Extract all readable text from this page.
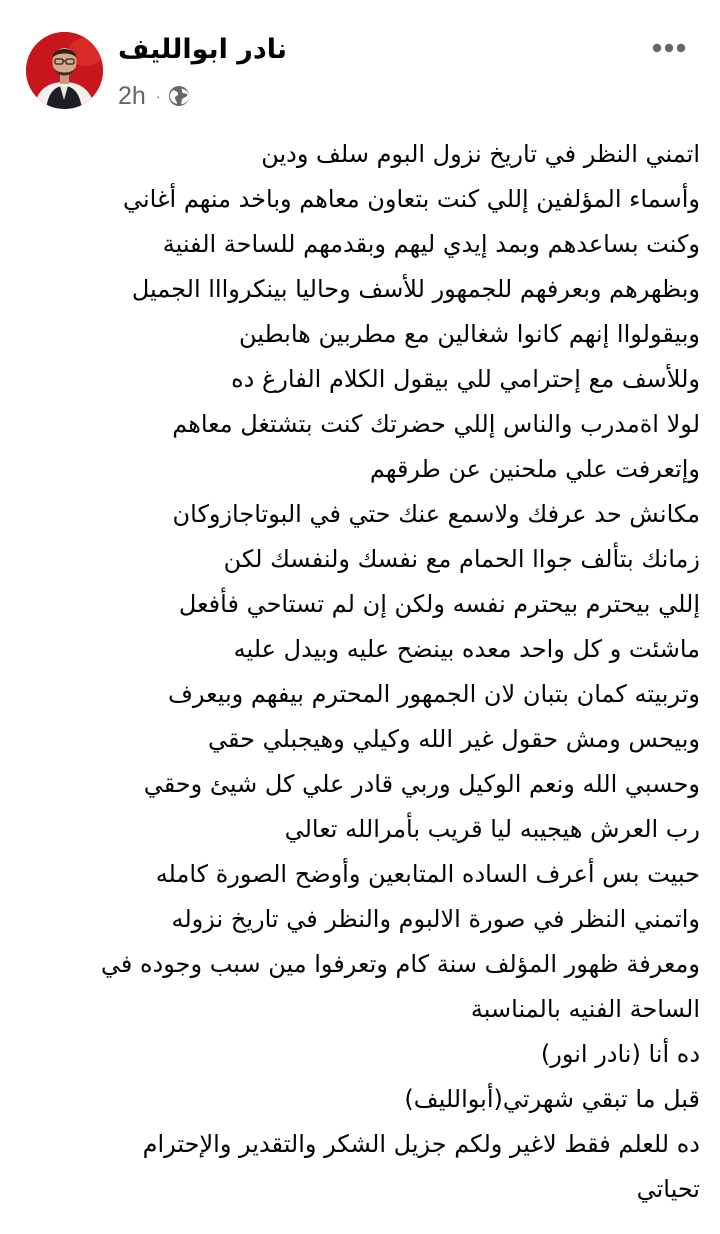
نادر ابوالليف
2h ·
اتمني النظر في تاريخ نزول البوم سلف ودين
وأسماء المؤلفين إللي كنت بتعاون معاهم وباخد منهم أغاني
وكنت بساعدهم وبمد إيدي ليهم وبقدمهم للساحة الفنية
وبظهرهم وبعرفهم للجمهور للأسف وحاليا بينكروااا الجميل
وبيقولواا إنهم كانوا شغالين مع مطربين هابطين
وللأسف مع إحترامي للي بيقول الكلام الفارغ ده
لولا اةمدرب والناس إللي حضرتك كنت بتشتغل معاهم
وإتعرفت علي ملحنين عن طرقهم
مكانش حد عرفك ولاسمع عنك حتي في البوتاجازوكان
زمانك بتألف جواا الحمام مع نفسك ولنفسك لكن
إللي بيحترم بيحترم نفسه ولكن إن لم تستاحي فأفعل
ماشئت و كل واحد معده بينضح عليه وبيدل عليه
وتربيته كمان بتبان لان الجمهور المحترم بيفهم وبيعرف
وبيحس ومش حقول غير الله وكيلي وهيجبلي حقي
وحسبي الله ونعم الوكيل وربي قادر علي كل شيئ وحقي
رب العرش هيجيبه ليا قريب بأمرالله تعالي
حبيت بس أعرف الساده المتابعين وأوضح الصورة كامله
واتمني النظر في صورة الالبوم والنظر في تاريخ نزوله
ومعرفة ظهور المؤلف سنة كام وتعرفوا مين سبب وجوده في
الساحة الفنيه بالمناسبة
ده أنا (نادر انور)
قبل ما تبقي شهرتي(أبوالليف)
ده للعلم فقط لاغير ولكم جزيل الشكر والتقدير والإحترام
تحياتي
